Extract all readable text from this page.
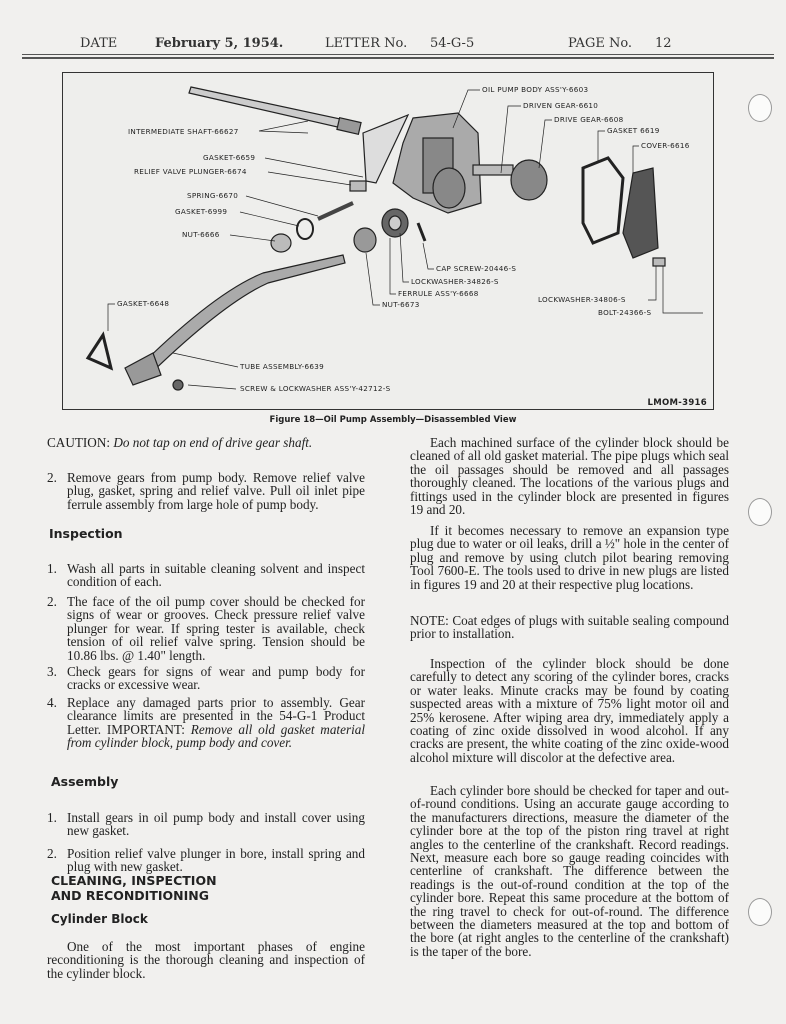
DATE	February 5, 1954.	LETTER No. 54-G-5	PAGE No. 12
INTERMEDIATE SHAFT-66627
GASKET-6659
RELIEF VALVE PLUNGER-6674
SPRING-6670
GASKET-6999
NUT-6666
GASKET-6648
TUBE ASSEMBLY-6639
SCREW & LOCKWASHER ASS'Y-42712-S
OIL PUMP BODY ASS'Y-6603
DRIVEN GEAR-6610
DRIVE GEAR-6608
GASKET 6619
COVER-6616
CAP SCREW-20446-S
LOCKWASHER-34826-S
FERRULE ASS'Y-6668
NUT-6673
LOCKWASHER-34806-S
BOLT-24366-S
LMOM-3916
Figure 18—Oil Pump Assembly—Disassembled View
CAUTION: Do not tap on end of drive gear shaft.
2. Remove gears from pump body. Remove relief valve plug, gasket, spring and relief valve. Pull oil inlet pipe ferrule assembly from large hole of pump body.
Inspection
1. Wash all parts in suitable cleaning solvent and inspect condition of each.
2. The face of the oil pump cover should be checked for signs of wear or grooves. Check pressure relief valve plunger for wear. If spring tester is available, check tension of oil relief valve spring. Tension should be 10.86 lbs. @ 1.40" length.
3. Check gears for signs of wear and pump body for cracks or excessive wear.
4. Replace any damaged parts prior to assembly. Gear clearance limits are presented in the 54-G-1 Product Letter. IMPORTANT: Remove all old gasket material from cylinder block, pump body and cover.
Assembly
1. Install gears in oil pump body and install cover using new gasket.
2. Position relief valve plunger in bore, install spring and plug with new gasket.
CLEANING, INSPECTION
AND RECONDITIONING
Cylinder Block
One of the most important phases of engine reconditioning is the thorough cleaning and inspection of the cylinder block.
Each machined surface of the cylinder block should be cleaned of all old gasket material. The pipe plugs which seal the oil passages should be removed and all passages thoroughly cleaned. The locations of the various plugs and fittings used in the cylinder block are presented in figures 19 and 20.
If it becomes necessary to remove an expansion type plug due to water or oil leaks, drill a ½" hole in the center of plug and remove by using clutch pilot bearing removing Tool 7600-E. The tools used to drive in new plugs are listed in figures 19 and 20 at their respective plug locations.
NOTE: Coat edges of plugs with suitable sealing compound prior to installation.
Inspection of the cylinder block should be done carefully to detect any scoring of the cylinder bores, cracks or water leaks. Minute cracks may be found by coating suspected areas with a mixture of 75% light motor oil and 25% kerosene. After wiping area dry, immediately apply a coating of zinc oxide dissolved in wood alcohol. If any cracks are present, the white coating of the zinc oxide-wood alcohol mixture will discolor at the defective area.
Each cylinder bore should be checked for taper and out-of-round conditions. Using an accurate gauge according to the manufacturers directions, measure the diameter of the cylinder bore at the top of the piston ring travel at right angles to the centerline of the crankshaft. Record readings. Next, measure each bore so gauge reading coincides with centerline of crankshaft. The difference between the readings is the out-of-round condition at the top of the cylinder bore. Repeat this same procedure at the bottom of the ring travel to check for out-of-round. The difference between the diameters measured at the top and bottom of the bore (at right angles to the centerline of the crankshaft) is the taper of the bore.
